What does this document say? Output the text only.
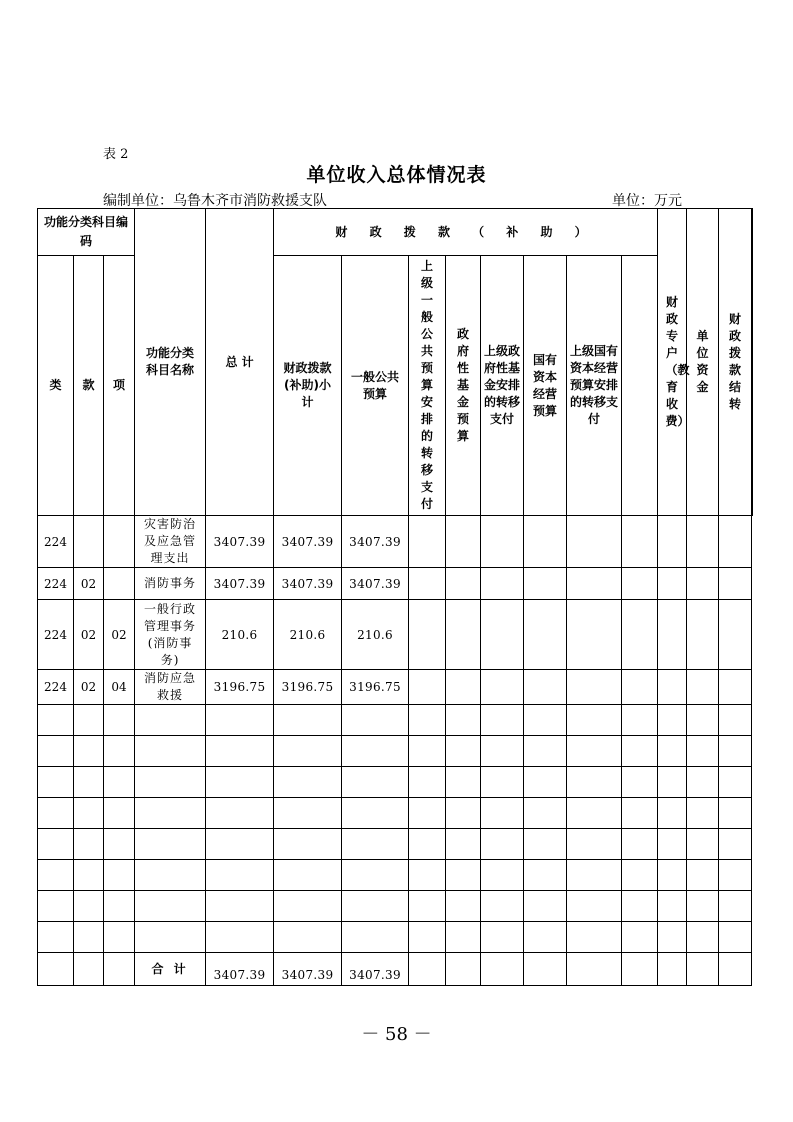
表 2
单位收入总体情况表
编制单位：乌鲁木齐市消防救援支队	单位：万元
功能分类科目编码			功能分类科目名称	总 计	财 政 拨 款 （ 补 助 ）								财政专户（教育收费）	单位资金	财政拨款结转	
类	款	项			财政拨款(补助)小计	一般公共预算	上级一般公共预算安排的转移支付	政府性基金预算	上级政府性基金安排的转移支付	国有资本经营预算	上级国有资本经营预算安排的转移支付					
224			灾害防治及应急管理支出	3407.39	3407.39	3407.39										
224	02		消防事务	3407.39	3407.39	3407.39										
224	02	02	一般行政管理事务(消防事务)	210.6	210.6	210.6										
224	02	04	消防应急救援	3196.75	3196.75	3196.75										

			合 计	3407.39	3407.39	3407.39										
－ 58 －
